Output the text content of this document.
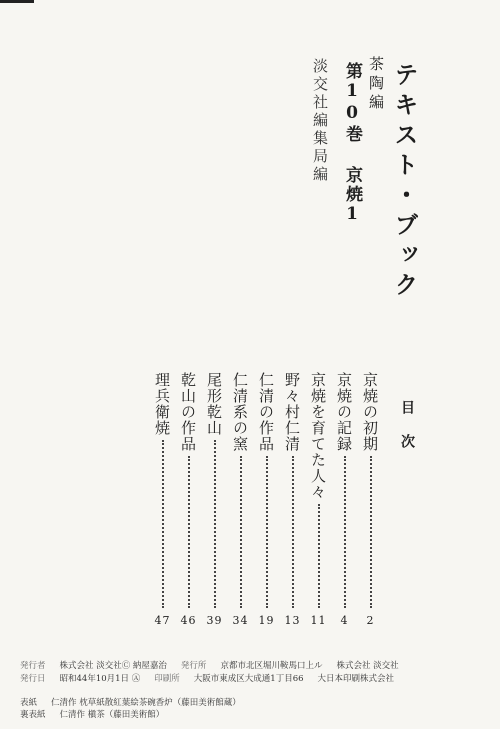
テキスト・ブック
茶陶編
第10巻 京焼1
淡交社編集局編
目次
京焼の初期
2
京焼の記録
4
京焼を育てた人々
11
野々村仁清
13
仁清の作品
19
仁清系の窯
34
尾形乾山
39
乾山の作品
46
理兵衛焼
47
発行者 株式会社 淡交社Ⓒ 納屋嘉治 発行所 京都市北区堀川鞍馬口上ル 株式会社 淡交社
発行日 昭和44年10月1日 Ⓐ 印刷所 大阪市東成区大成通1丁目66 大日本印刷株式会社
表紙 仁清作 枕草紙散紅葉絵茶碗香炉（藤田美術館蔵）
裏表紙 仁清作 槇茶（藤田美術館）
